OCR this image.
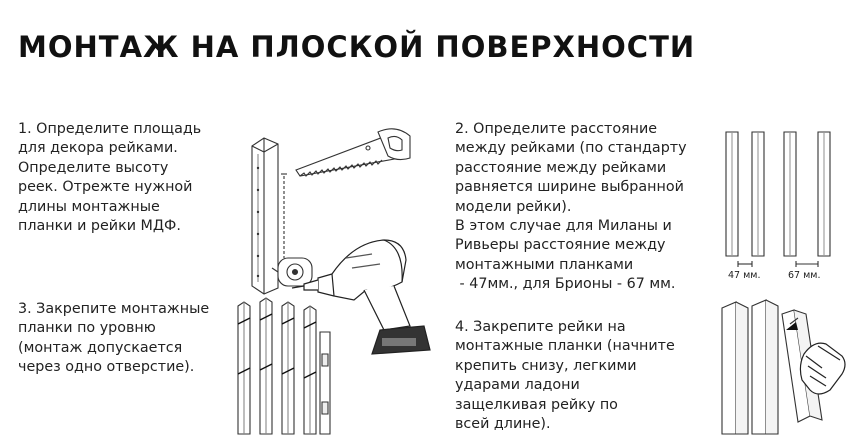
МОНТАЖ НА ПЛОСКОЙ ПОВЕРХНОСТИ
1. Определите площадь
для декора рейками.
Определите высоту
реек. Отрежте нужной
длины монтажные
планки и рейки МДФ.
2. Определите расстояние
между рейками (по стандарту
расстояние между рейками
равняется ширине выбранной
модели рейки).
В этом случае для Миланы и
Ривьеры расстояние между
монтажными планками
- 47мм., для Брионы - 67 мм.
3. Закрепите монтажные
планки по уровню
(монтаж допускается
через одно отверстие).
4. Закрепите рейки на
монтажные планки (начните
крепить снизу, легкими
ударами ладони
защелкивая рейку по
всей длине).
47 мм.	67 мм.
